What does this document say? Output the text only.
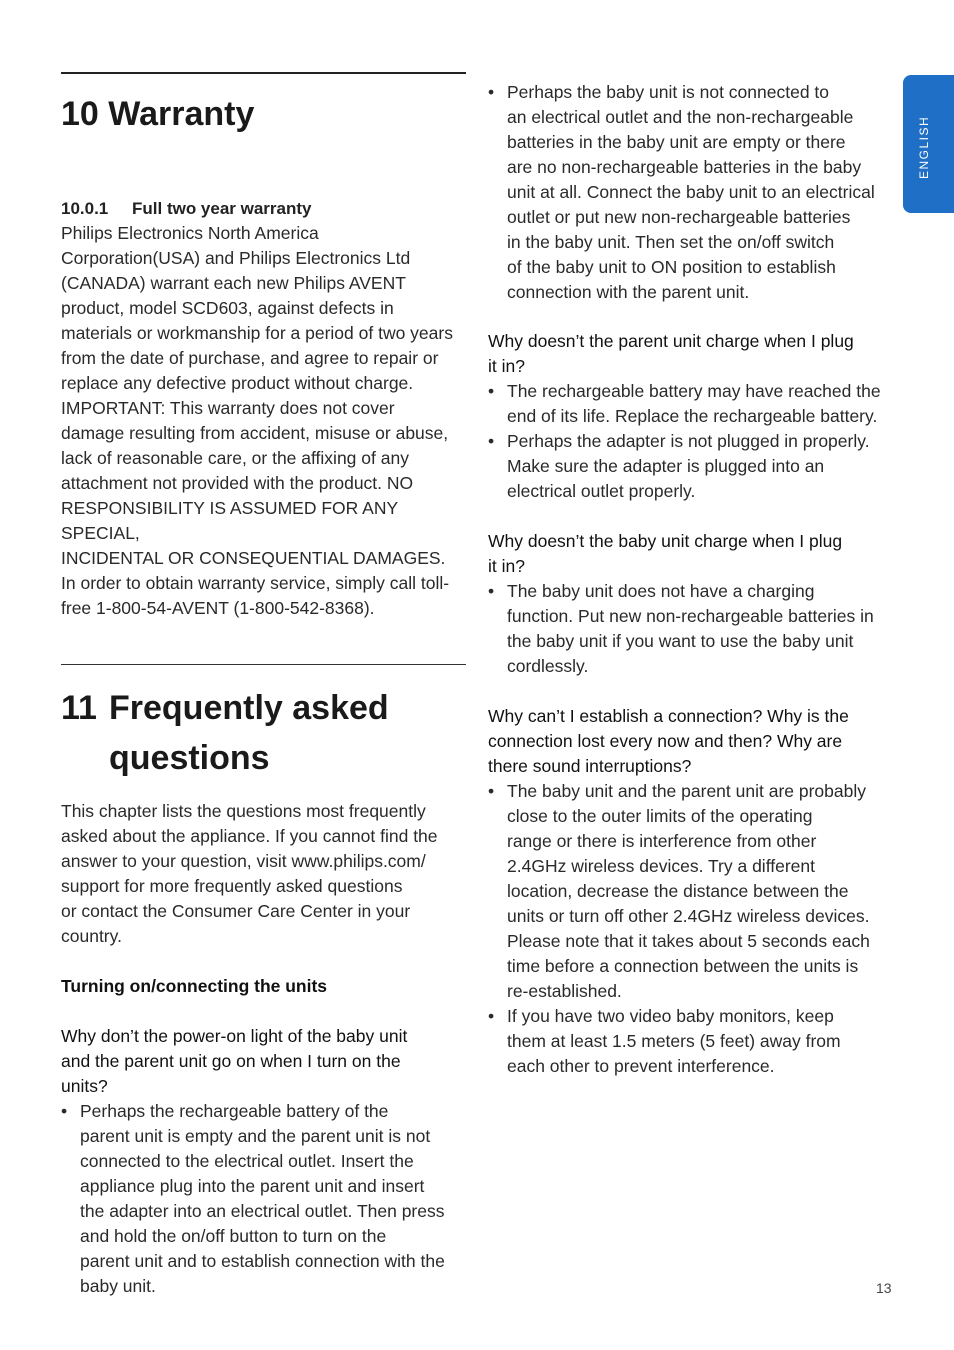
10 Warranty
10.0.1 Full two year warranty

Philips Electronics North America

Corporation(USA) and Philips Electronics Ltd

(CANADA) warrant each new Philips AVENT

product, model SCD603, against defects in

materials or workmanship for a period of two years

from the date of purchase, and agree to repair or

replace any defective product without charge.

IMPORTANT: This warranty does not cover

damage resulting from accident, misuse or abuse,

lack of reasonable care, or the affixing of any

attachment not provided with the product. NO

RESPONSIBILITY IS ASSUMED FOR ANY SPECIAL,

INCIDENTAL OR CONSEQUENTIAL DAMAGES.

In order to obtain warranty service, simply call toll-

free 1-800-54-AVENT (1-800-542-8368).

11 Frequently asked
questions

This chapter lists the questions most frequently

asked about the appliance. If you cannot find the

answer to your question, visit www.philips.com/

support for more frequently asked questions

or contact the Consumer Care Center in your

country.

Turning on/connecting the units

Why don’t the power-on light of the baby unit

and the parent unit go on when I turn on the

units?

• Perhaps the rechargeable battery of the
parent unit is empty and the parent unit is not
connected to the electrical outlet. Insert the
appliance plug into the parent unit and insert
the adapter into an electrical outlet. Then press
and hold the on/off button to turn on the
parent unit and to establish connection with the
baby unit.
• Perhaps the baby unit is not connected to
an electrical outlet and the non-rechargeable
batteries in the baby unit are empty or there
are no non-rechargeable batteries in the baby
unit at all. Connect the baby unit to an electrical
outlet or put new non-rechargeable batteries
in the baby unit. Then set the on/off switch
of the baby unit to ON position to establish
connection with the parent unit.

Why doesn’t the parent unit charge when I plug

it in?

• The rechargeable battery may have reached the
end of its life. Replace the rechargeable battery.
• Perhaps the adapter is not plugged in properly.
Make sure the adapter is plugged into an
electrical outlet properly.

Why doesn’t the baby unit charge when I plug

it in?

• The baby unit does not have a charging
function. Put new non-rechargeable batteries in
the baby unit if you want to use the baby unit
cordlessly.

Why can’t I establish a connection? Why is the

connection lost every now and then? Why are

there sound interruptions?

• The baby unit and the parent unit are probably
close to the outer limits of the operating
range or there is interference from other
2.4GHz wireless devices. Try a different
location, decrease the distance between the
units or turn off other 2.4GHz wireless devices.
Please note that it takes about 5 seconds each
time before a connection between the units is
re-established.
• If you have two video baby monitors, keep
them at least 1.5 meters (5 feet) away from
each other to prevent interference.
ENGLISH
13
